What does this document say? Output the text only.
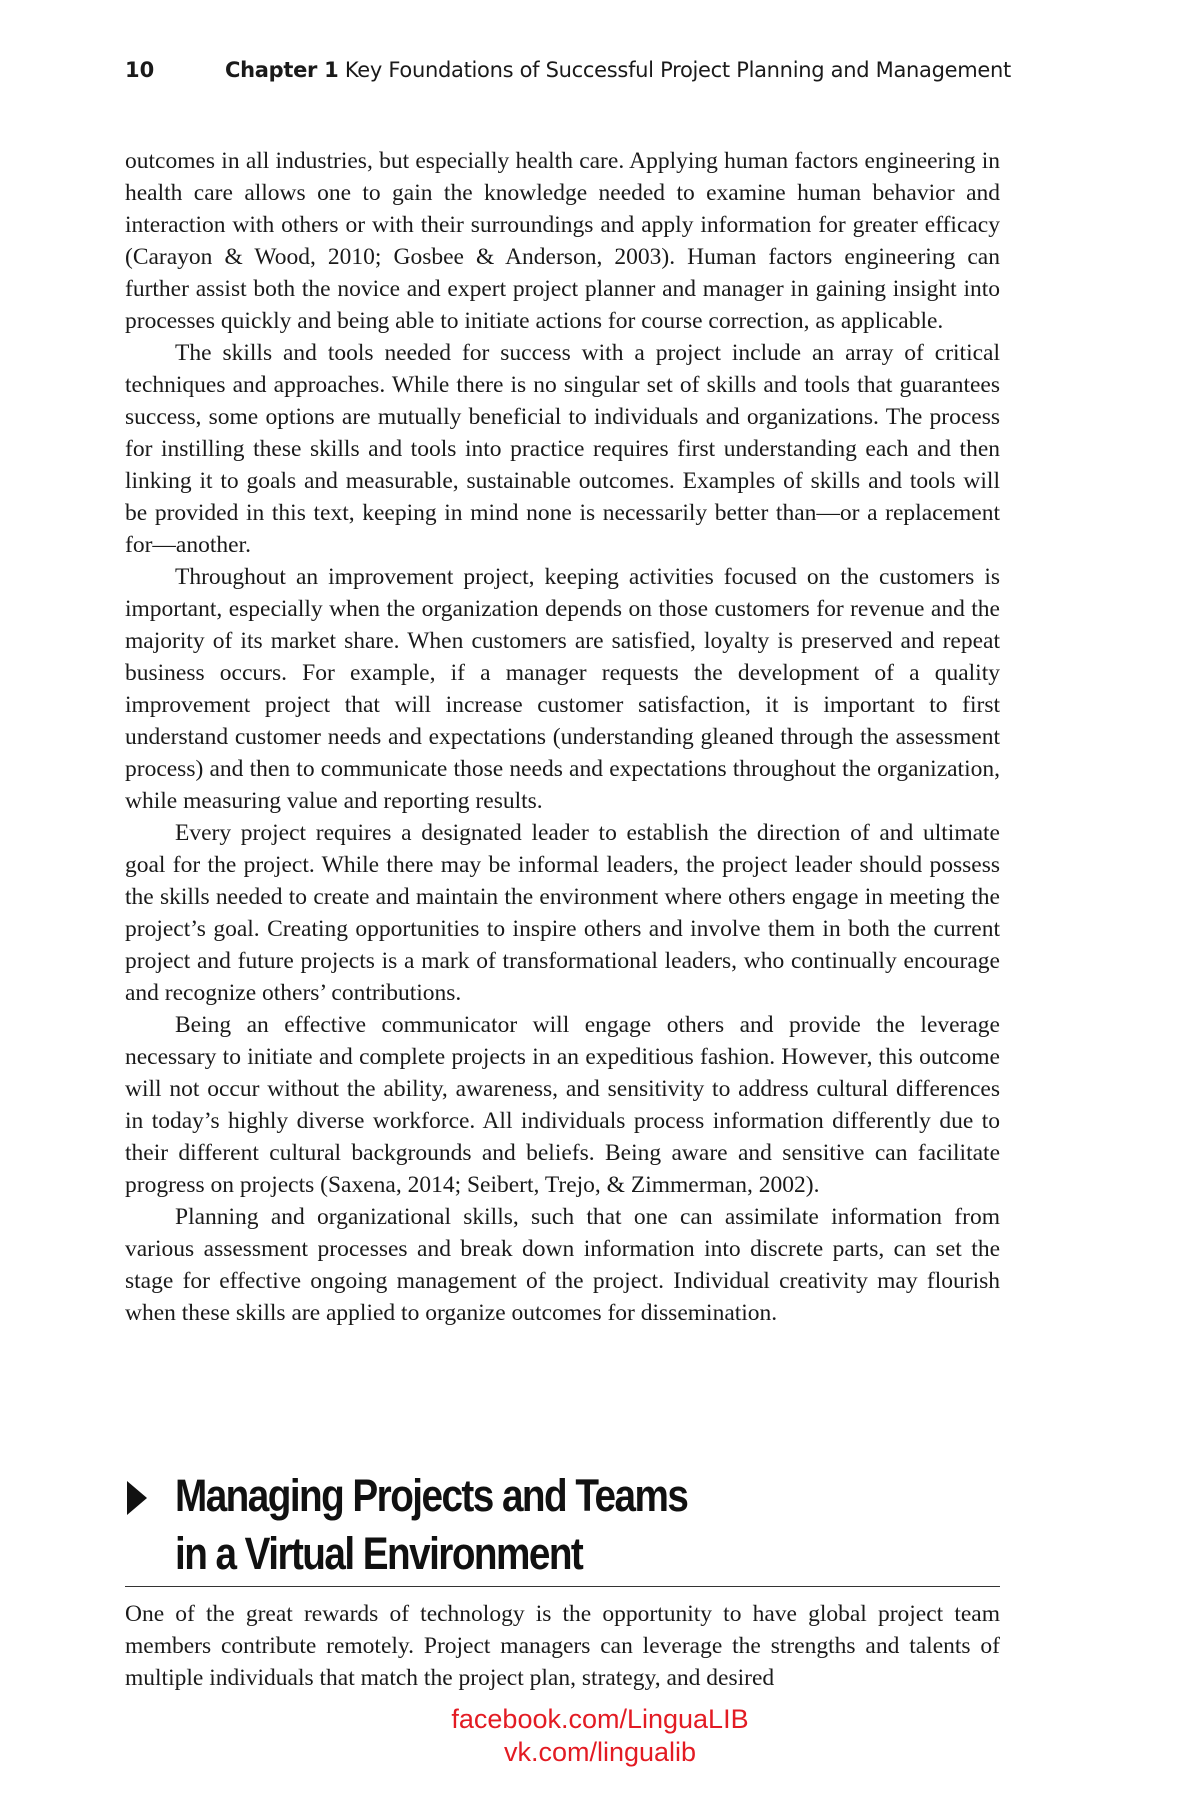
10	Chapter 1 Key Foundations of Successful Project Planning and Management

outcomes in all industries, but especially health care. Applying human factors engineering in health care allows one to gain the knowledge needed to examine human behavior and interaction with others or with their surroundings and apply information for greater efficacy (Carayon & Wood, 2010; Gosbee & Anderson, 2003). Human factors engineering can further assist both the novice and expert project planner and manager in gaining insight into processes quickly and being able to initiate actions for course correction, as applicable.

The skills and tools needed for success with a project include an array of critical techniques and approaches. While there is no singular set of skills and tools that guarantees success, some options are mutually beneficial to individuals and organizations. The process for instilling these skills and tools into practice requires first understanding each and then linking it to goals and measurable, sustainable outcomes. Examples of skills and tools will be provided in this text, keeping in mind none is necessarily better than—or a replacement for—another.

Throughout an improvement project, keeping activities focused on the customers is important, especially when the organization depends on those customers for revenue and the majority of its market share. When customers are satisfied, loyalty is preserved and repeat business occurs. For example, if a manager requests the development of a quality improvement project that will increase customer satisfaction, it is important to first understand customer needs and expectations (understanding gleaned through the assessment process) and then to communicate those needs and expectations throughout the organization, while measuring value and reporting results.

Every project requires a designated leader to establish the direction of and ultimate goal for the project. While there may be informal leaders, the project leader should possess the skills needed to create and maintain the environment where others engage in meeting the project’s goal. Creating opportunities to inspire others and involve them in both the current project and future projects is a mark of transformational leaders, who continually encourage and recognize others’ contributions.

Being an effective communicator will engage others and provide the leverage necessary to initiate and complete projects in an expeditious fashion. However, this outcome will not occur without the ability, awareness, and sensitivity to address cultural differences in today’s highly diverse workforce. All individuals process information differently due to their different cultural backgrounds and beliefs. Being aware and sensitive can facilitate progress on projects (Saxena, 2014; Seibert, Trejo, & Zimmerman, 2002).

Planning and organizational skills, such that one can assimilate information from various assessment processes and break down information into discrete parts, can set the stage for effective ongoing management of the project. Individual creativity may flourish when these skills are applied to organize outcomes for dissemination.

Managing Projects and Teams
in a Virtual Environment

One of the great rewards of technology is the opportunity to have global project team members contribute remotely. Project managers can leverage the strengths and talents of multiple individuals that match the project plan, strategy, and desired

facebook.com/LinguaLIB
vk.com/lingualib
